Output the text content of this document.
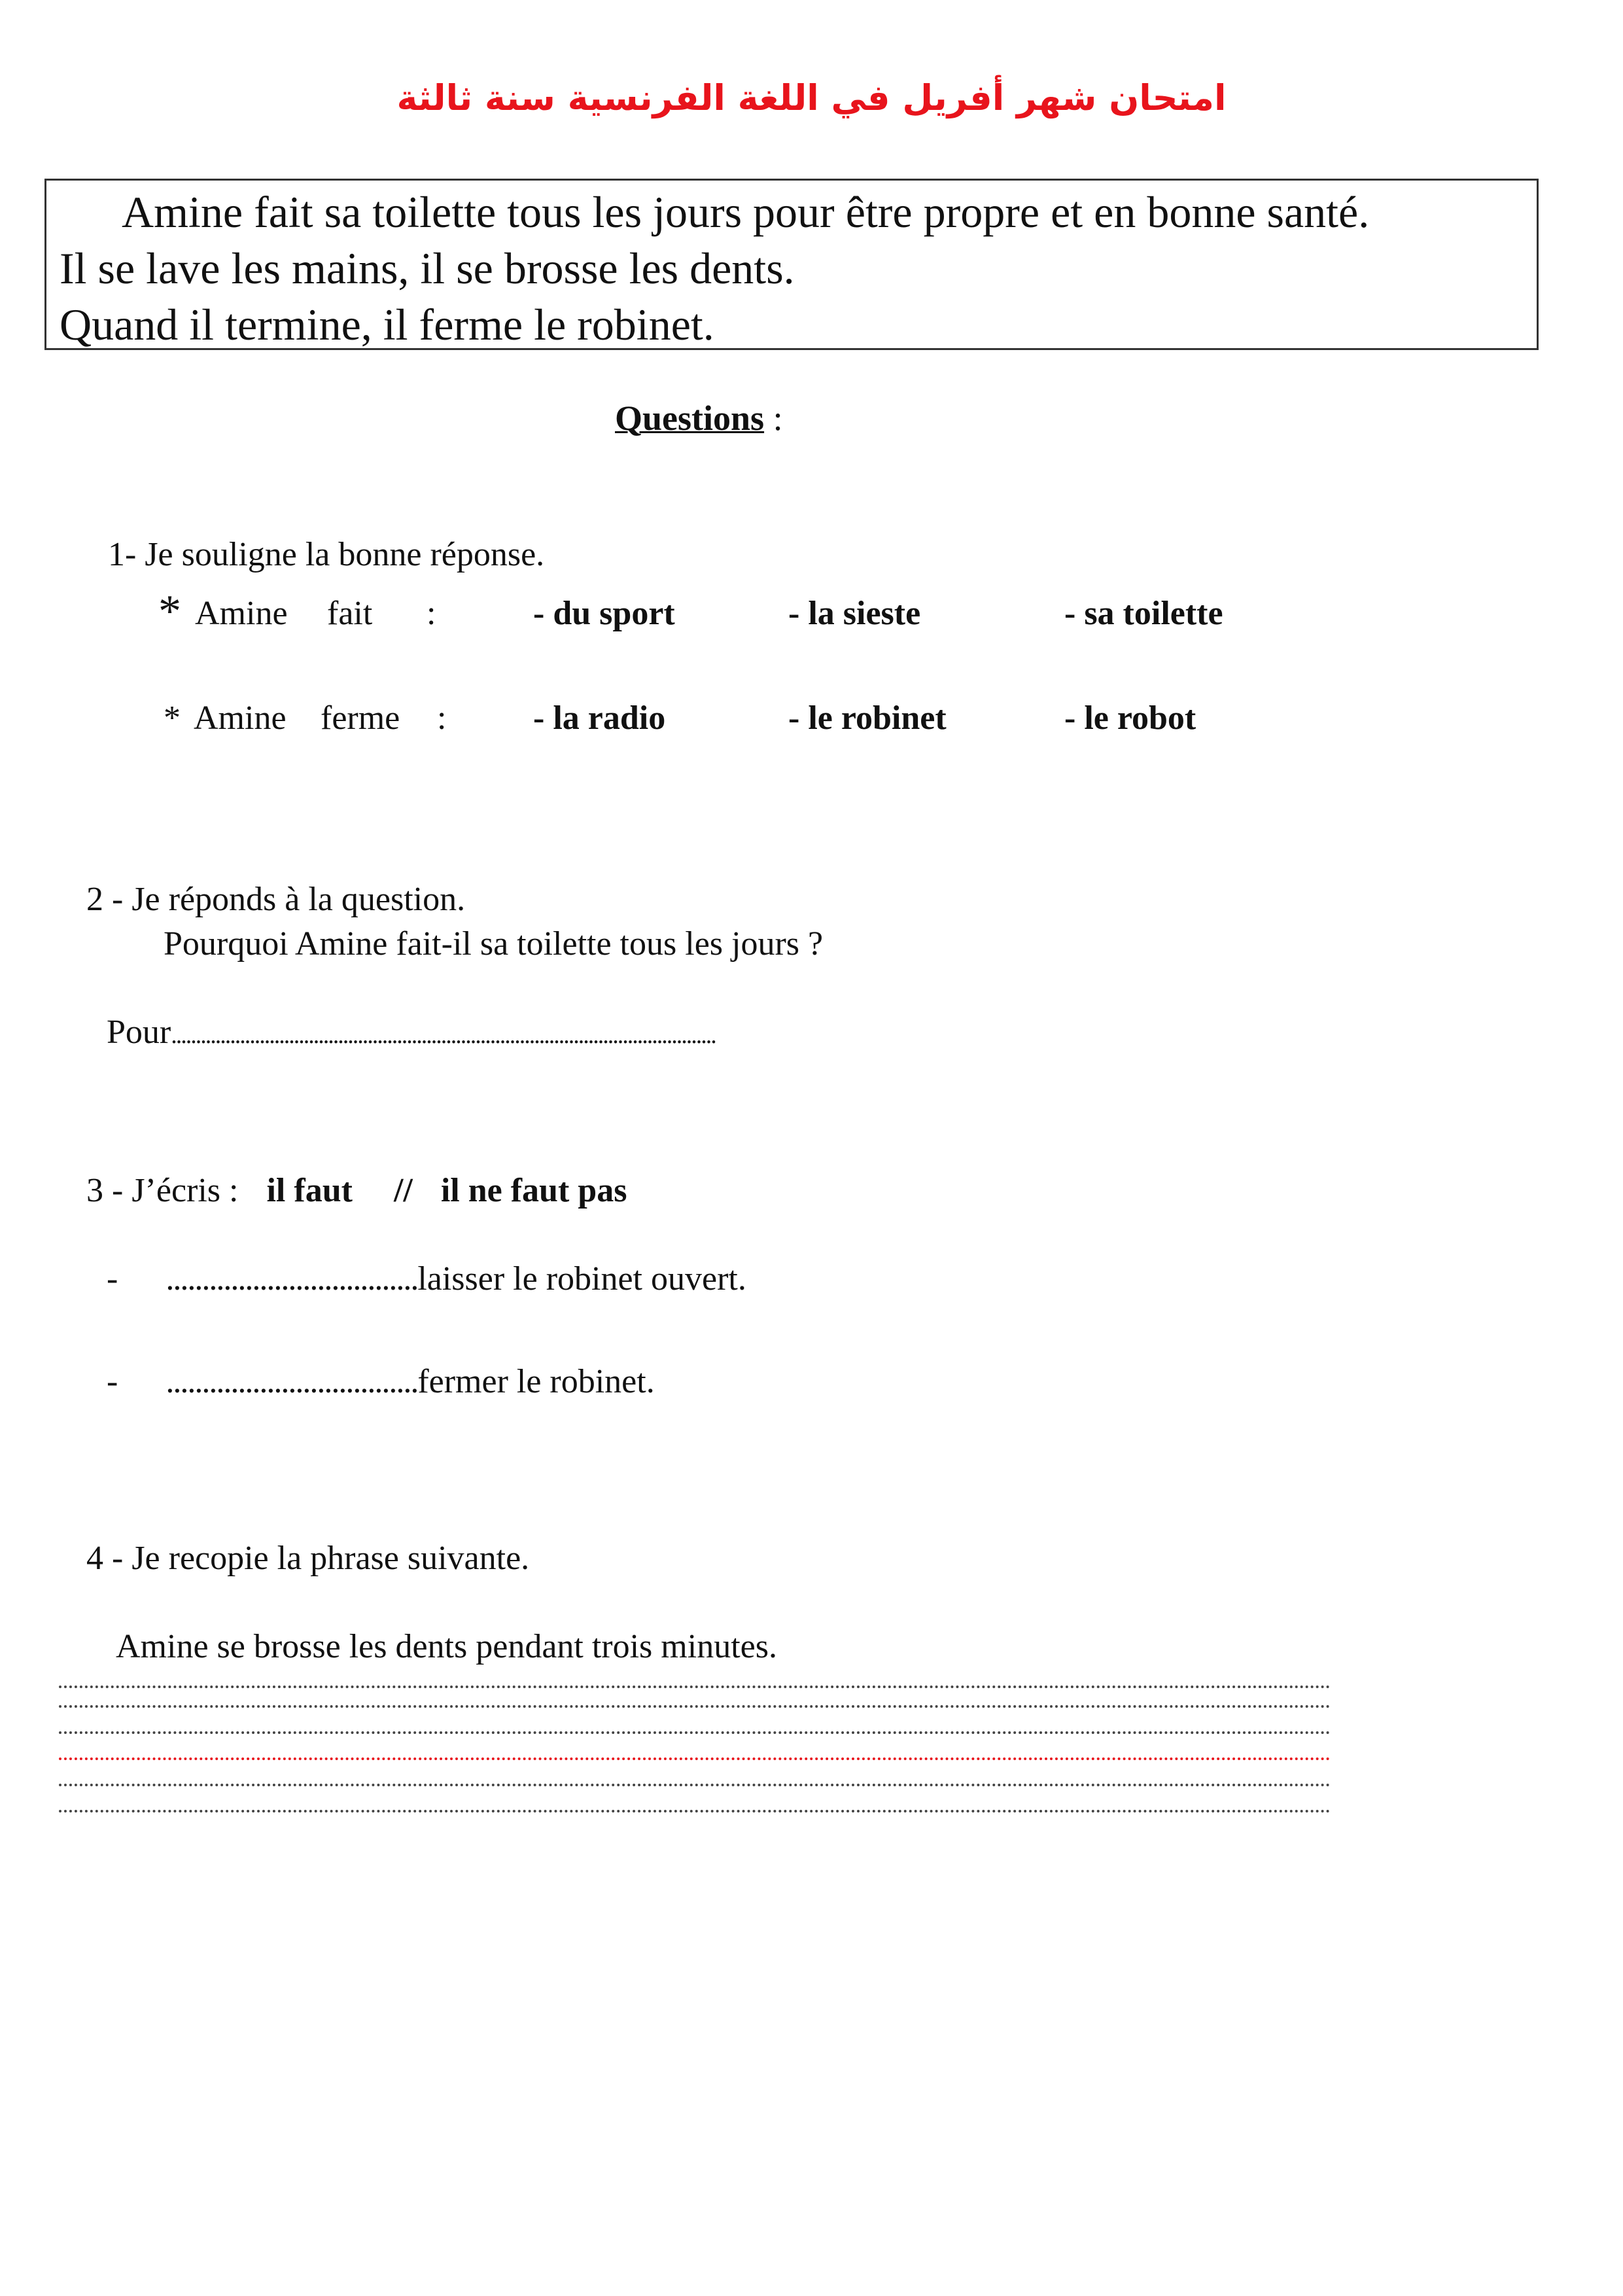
امتحان شهر أفريل في اللغة الفرنسية سنة ثالثة
Amine fait sa toilette tous les jours pour être propre et en bonne santé.
Il se lave les mains, il se brosse les dents.
Quand il termine, il ferme le robinet.
Questions :
1- Je souligne la bonne réponse.
* Amine fait :	- du sport	- la sieste	- sa toilette
* Amine ferme :	- la radio	- le robinet	- le robot
2 - Je réponds à la question.
Pourquoi Amine fait-il sa toilette tous les jours ?
Pour...............................................................................................................
3 - J’écris : il faut // il ne faut pas
- ...................................laisser le robinet ouvert.
- ...................................fermer le robinet.
4 - Je recopie la phrase suivante.
Amine se brosse les dents pendant trois minutes.
